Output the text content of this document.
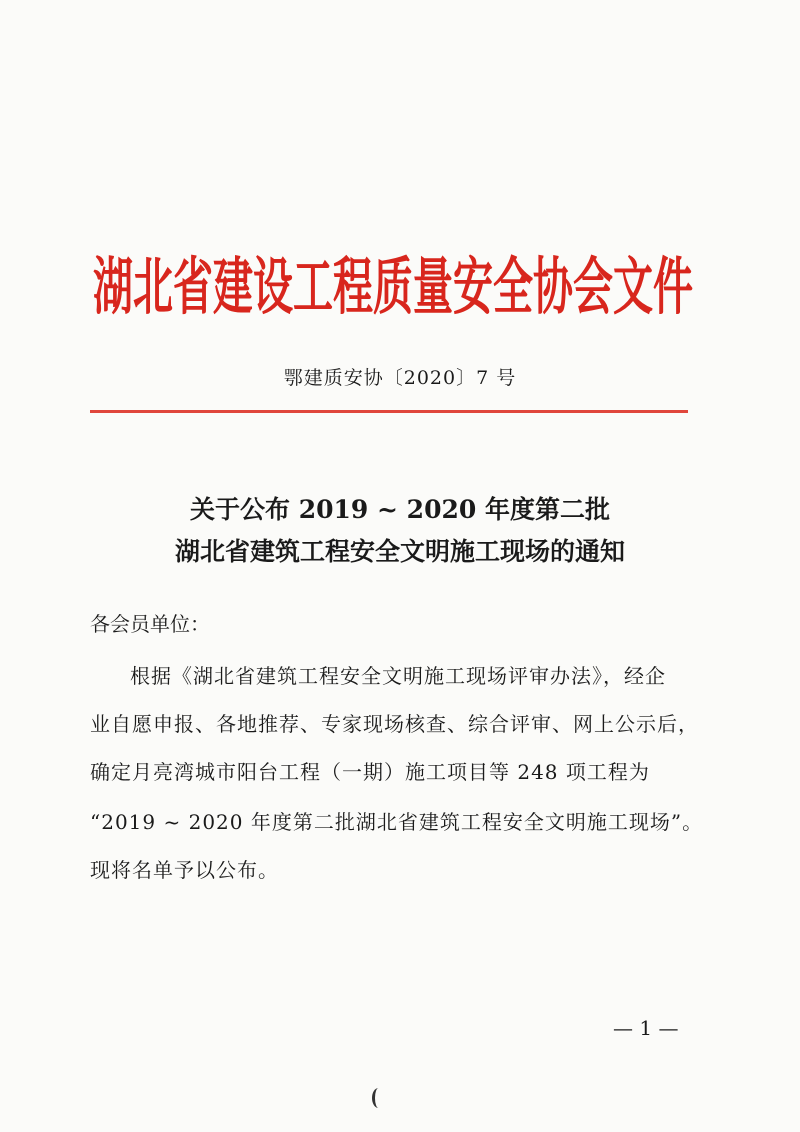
湖北省建设工程质量安全协会文件
鄂建质安协〔2020〕7 号
关于公布 2019 ~ 2020 年度第二批
湖北省建筑工程安全文明施工现场的通知
各会员单位：
根据《湖北省建筑工程安全文明施工现场评审办法》，经企
业自愿申报、各地推荐、专家现场核查、综合评审、网上公示后，
确定月亮湾城市阳台工程（一期）施工项目等 248 项工程为
“2019 ~ 2020 年度第二批湖北省建筑工程安全文明施工现场”。
现将名单予以公布。
— 1 —
